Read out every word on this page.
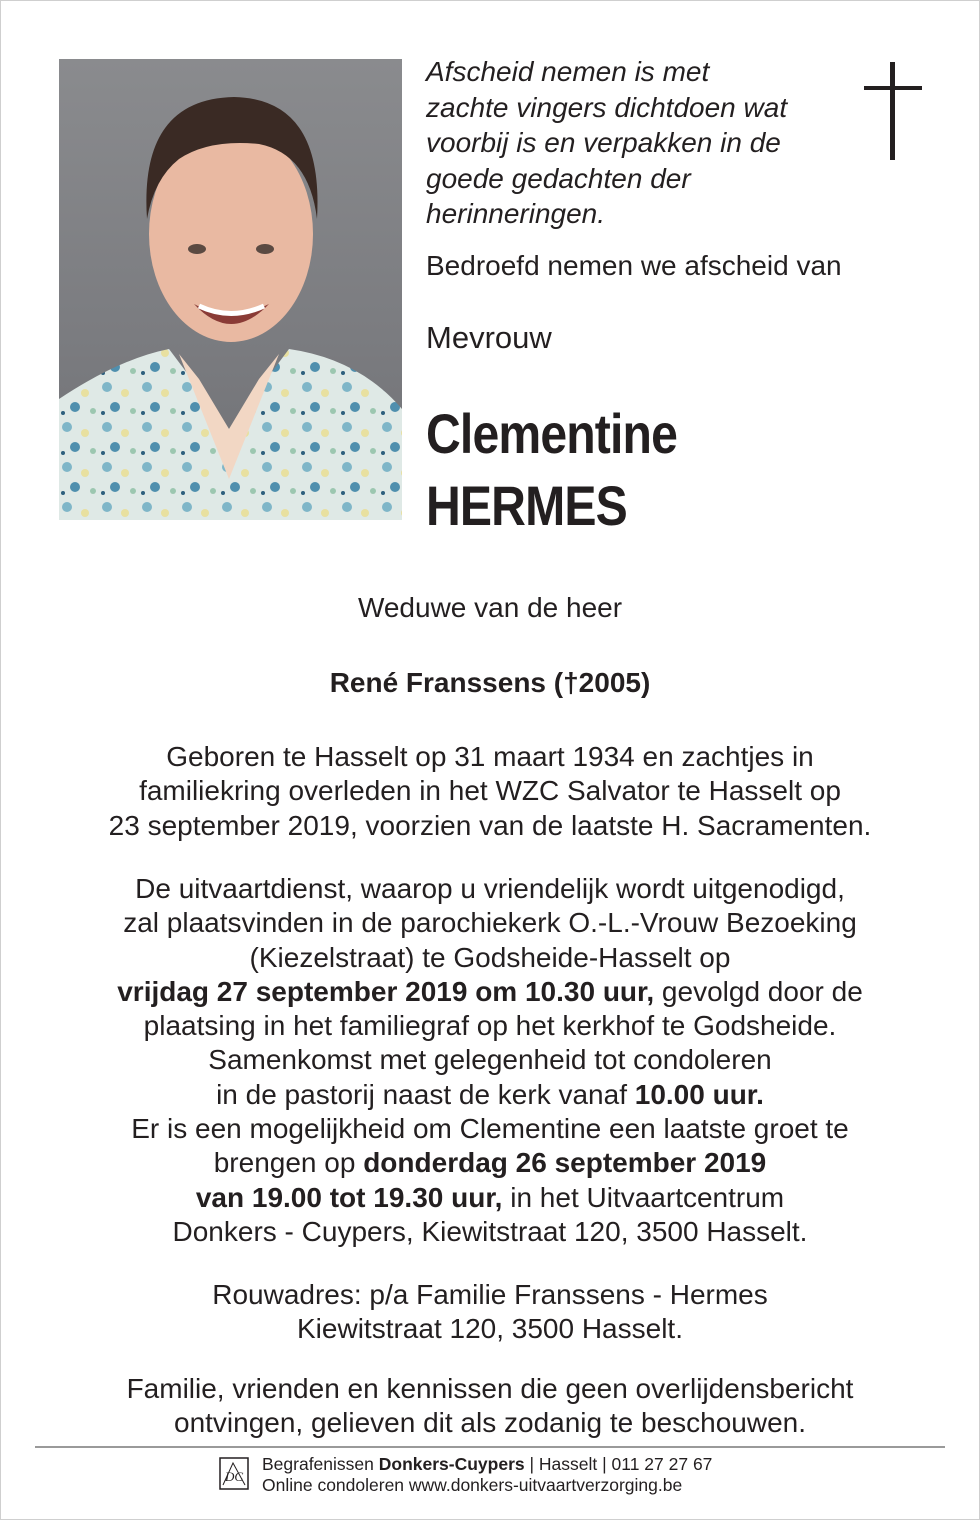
Afscheid nemen is met
zachte vingers dichtdoen wat
voorbij is en verpakken in de
goede gedachten der
herinneringen.
Bedroefd nemen we afscheid van
Mevrouw
Clementine
HERMES
Weduwe van de heer
René Franssens (†2005)
Geboren te Hasselt op 31 maart 1934 en zachtjes in
familiekring overleden in het WZC Salvator te Hasselt op
23 september 2019, voorzien van de laatste H. Sacramenten.
De uitvaartdienst, waarop u vriendelijk wordt uitgenodigd,
zal plaatsvinden in de parochiekerk O.-L.-Vrouw Bezoeking
(Kiezelstraat) te Godsheide-Hasselt op
vrijdag 27 september 2019 om 10.30 uur, gevolgd door de
plaatsing in het familiegraf op het kerkhof te Godsheide.
Samenkomst met gelegenheid tot condoleren
in de pastorij naast de kerk vanaf 10.00 uur.
Er is een mogelijkheid om Clementine een laatste groet te
brengen op donderdag 26 september 2019
van 19.00 tot 19.30 uur, in het Uitvaartcentrum
Donkers - Cuypers, Kiewitstraat 120, 3500 Hasselt.
Rouwadres: p/a Familie Franssens - Hermes
Kiewitstraat 120, 3500 Hasselt.
Familie, vrienden en kennissen die geen overlijdensbericht
ontvingen, gelieven dit als zodanig te beschouwen.
DC
Begrafenissen Donkers-Cuypers | Hasselt | 011 27 27 67
Online condoleren www.donkers-uitvaartverzorging.be
